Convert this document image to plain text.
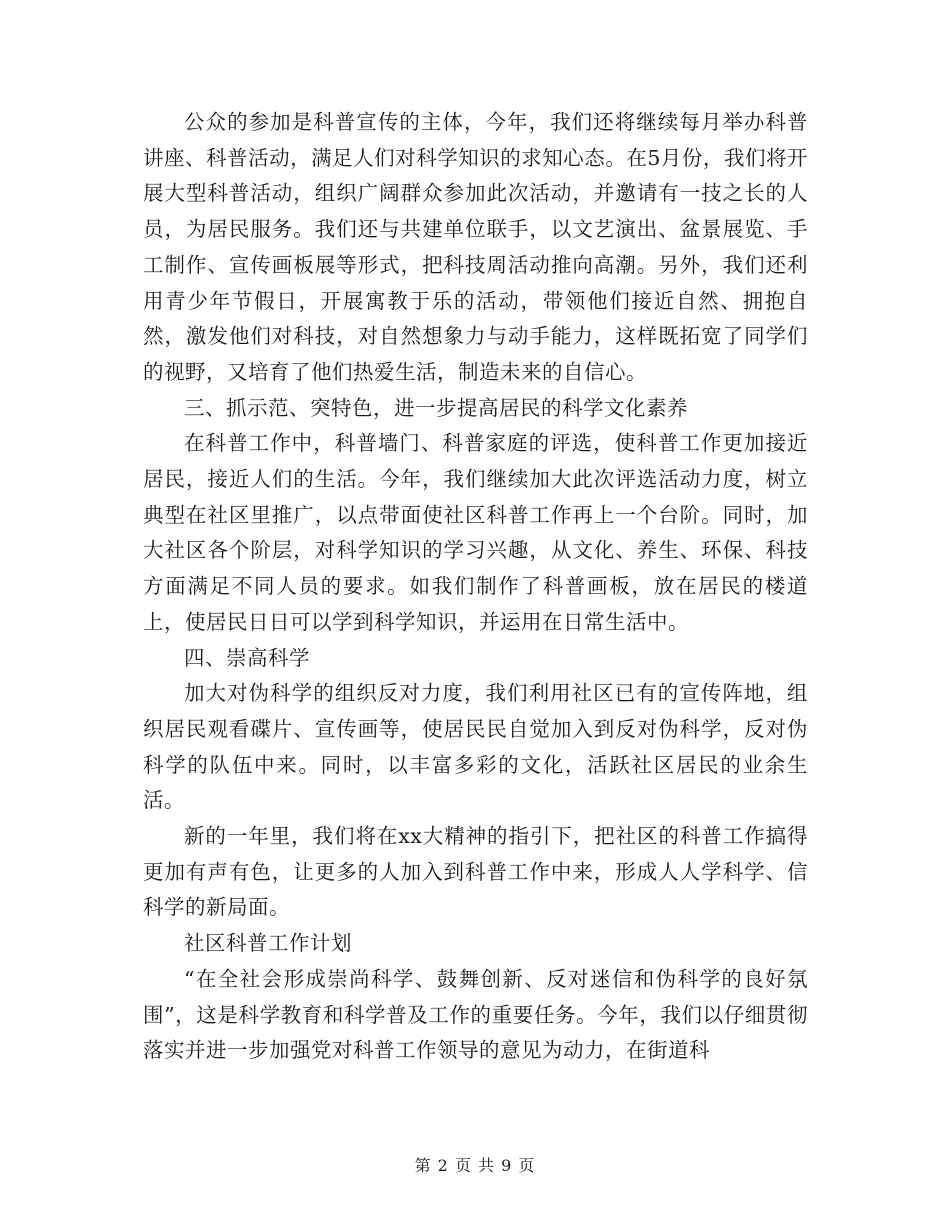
公众的参加是科普宣传的主体，今年，我们还将继续每月举办科普讲座、科普活动，满足人们对科学知识的求知心态。在5月份，我们将开展大型科普活动，组织广阔群众参加此次活动，并邀请有一技之长的人员，为居民服务。我们还与共建单位联手，以文艺演出、盆景展览、手工制作、宣传画板展等形式，把科技周活动推向高潮。另外，我们还利用青少年节假日，开展寓教于乐的活动，带领他们接近自然、拥抱自然，激发他们对科技，对自然想象力与动手能力，这样既拓宽了同学们的视野，又培育了他们热爱生活，制造未来的自信心。

三、抓示范、突特色，进一步提高居民的科学文化素养

在科普工作中，科普墙门、科普家庭的评选，使科普工作更加接近居民，接近人们的生活。今年，我们继续加大此次评选活动力度，树立典型在社区里推广，以点带面使社区科普工作再上一个台阶。同时，加大社区各个阶层，对科学知识的学习兴趣，从文化、养生、环保、科技方面满足不同人员的要求。如我们制作了科普画板，放在居民的楼道上，使居民日日可以学到科学知识，并运用在日常生活中。

四、崇高科学

加大对伪科学的组织反对力度，我们利用社区已有的宣传阵地，组织居民观看碟片、宣传画等，使居民民自觉加入到反对伪科学，反对伪科学的队伍中来。同时，以丰富多彩的文化，活跃社区居民的业余生活。

新的一年里，我们将在xx大精神的指引下，把社区的科普工作搞得更加有声有色，让更多的人加入到科普工作中来，形成人人学科学、信科学的新局面。

社区科普工作计划

“在全社会形成崇尚科学、鼓舞创新、反对迷信和伪科学的良好氛围”，这是科学教育和科学普及工作的重要任务。今年，我们以仔细贯彻落实并进一步加强党对科普工作领导的意见为动力，在街道科

第 2 页 共 9 页
